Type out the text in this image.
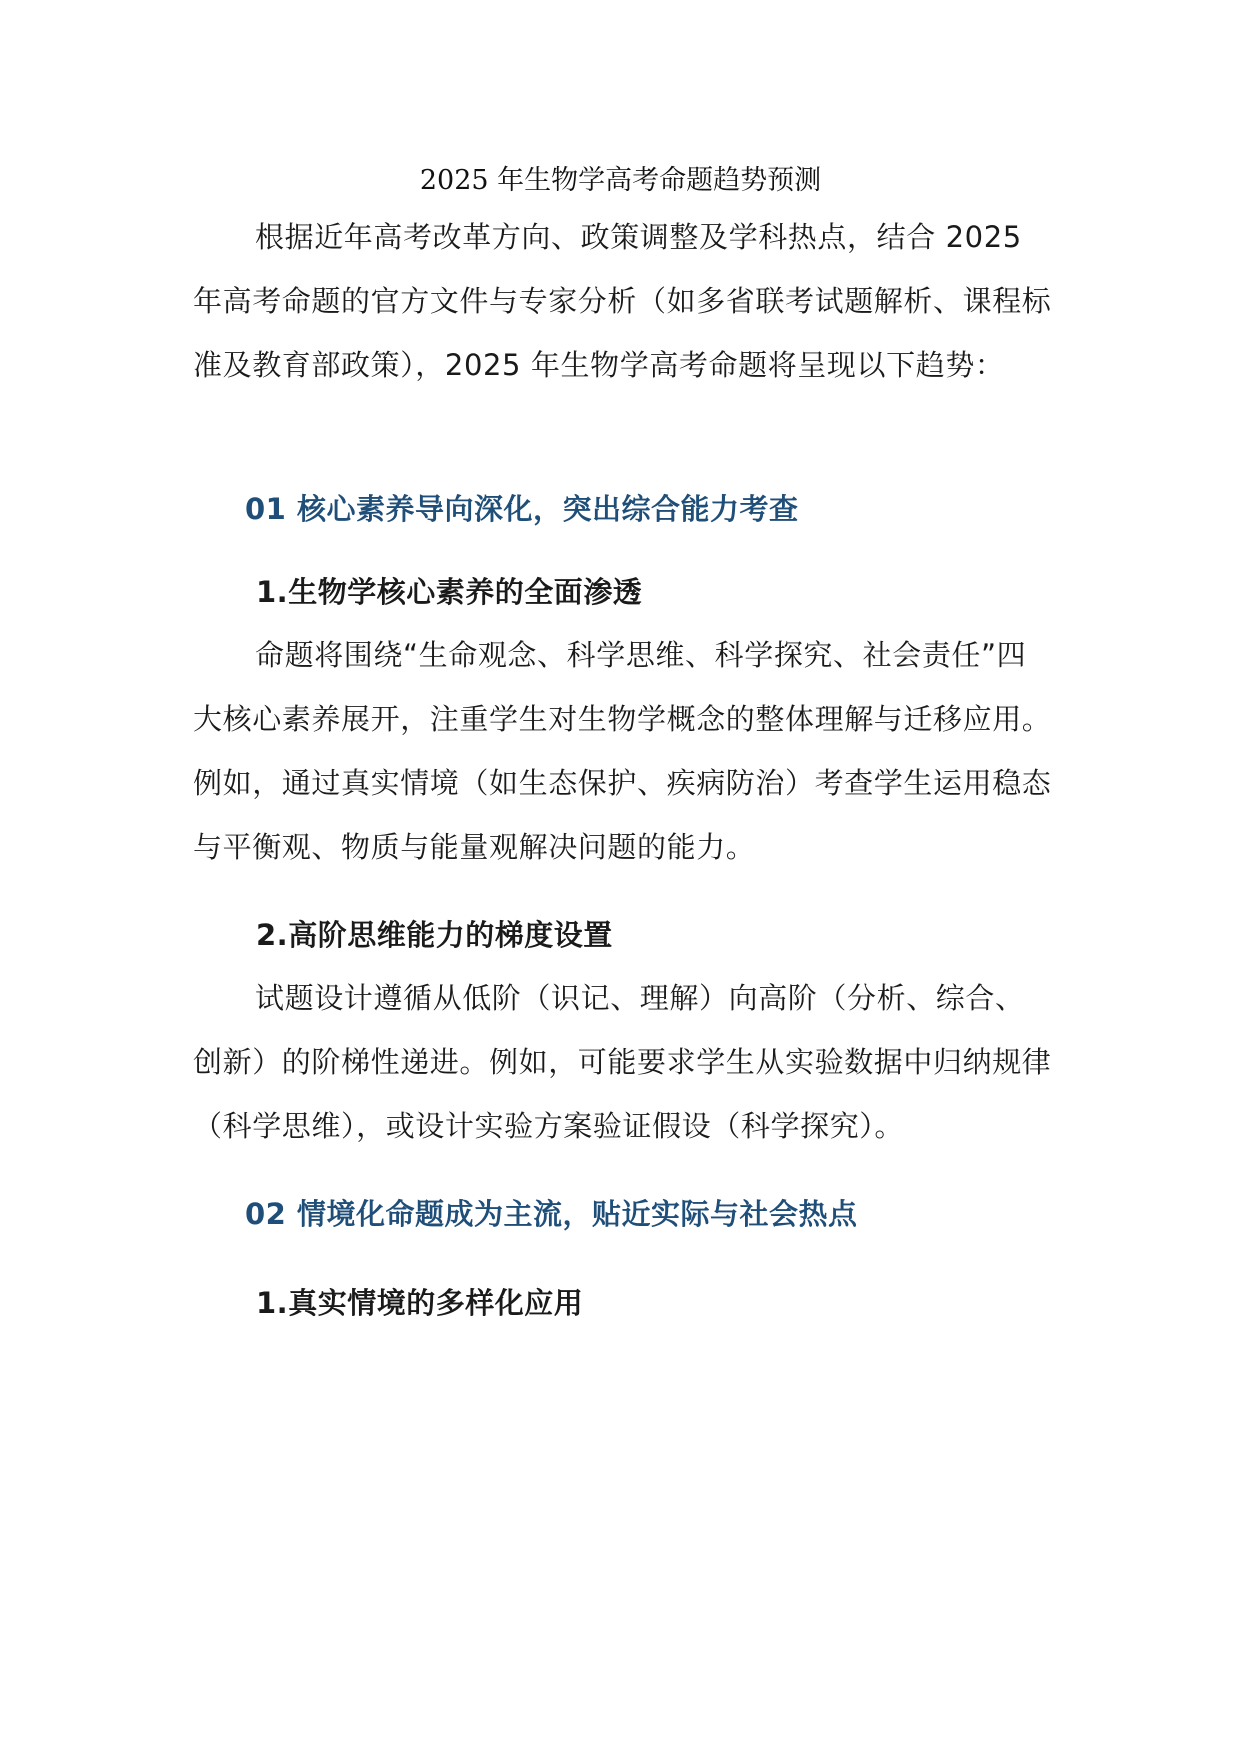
2025 年生物学高考命题趋势预测

根据近年高考改革方向、政策调整及学科热点，结合 2025 年高考命题的官方文件与专家分析（如多省联考试题解析、课程标准及教育部政策），2025 年生物学高考命题将呈现以下趋势：

01 核心素养导向深化，突出综合能力考查
1.生物学核心素养的全面渗透

命题将围绕“生命观念、科学思维、科学探究、社会责任”四大核心素养展开，注重学生对生物学概念的整体理解与迁移应用。例如，通过真实情境（如生态保护、疾病防治）考查学生运用稳态与平衡观、物质与能量观解决问题的能力。

2.高阶思维能力的梯度设置

试题设计遵循从低阶（识记、理解）向高阶（分析、综合、创新）的阶梯性递进。例如，可能要求学生从实验数据中归纳规律（科学思维），或设计实验方案验证假设（科学探究）。

02 情境化命题成为主流，贴近实际与社会热点
1.真实情境的多样化应用
